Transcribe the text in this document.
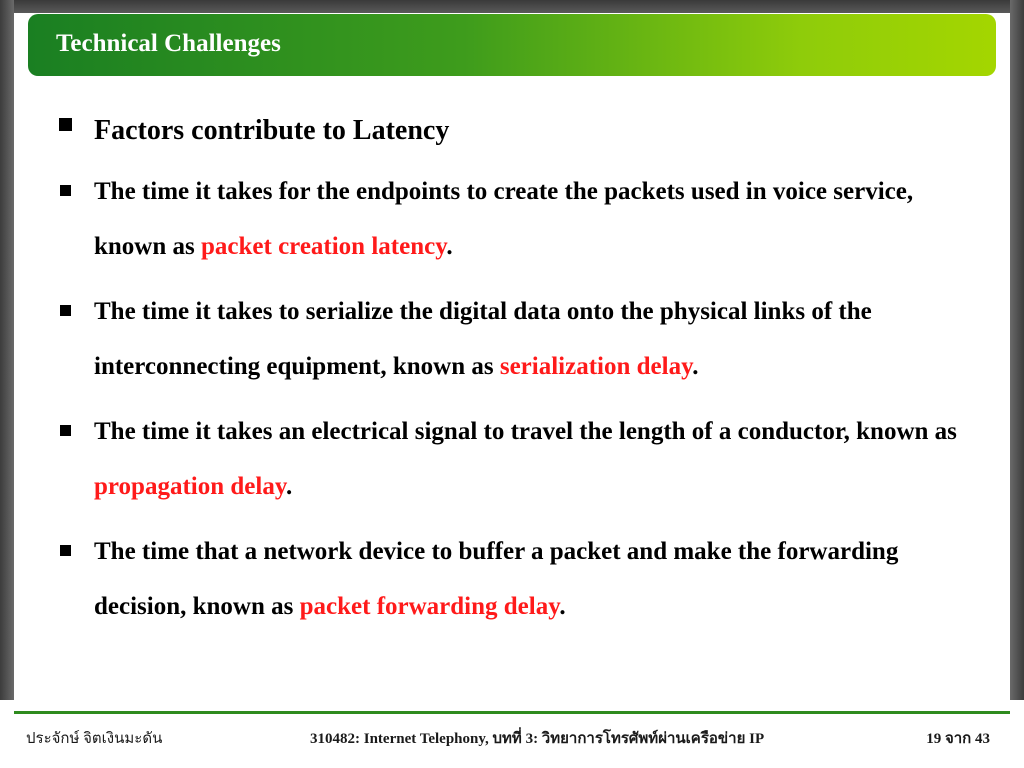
Technical Challenges
Factors contribute to Latency
The time it takes for the endpoints to create the packets used in voice service, known as packet creation latency.
The time it takes to serialize the digital data onto the physical links of the interconnecting equipment, known as serialization delay.
The time it takes an electrical signal to travel the length of a conductor, known as propagation delay.
The time that a network device to buffer a packet and make the forwarding decision, known as packet forwarding delay.
ประจักษ์ จิตเงินมะดัน	310482: Internet Telephony, บทที่ 3: วิทยาการโทรศัพท์ผ่านเครือข่าย IP	19 จาก 43
